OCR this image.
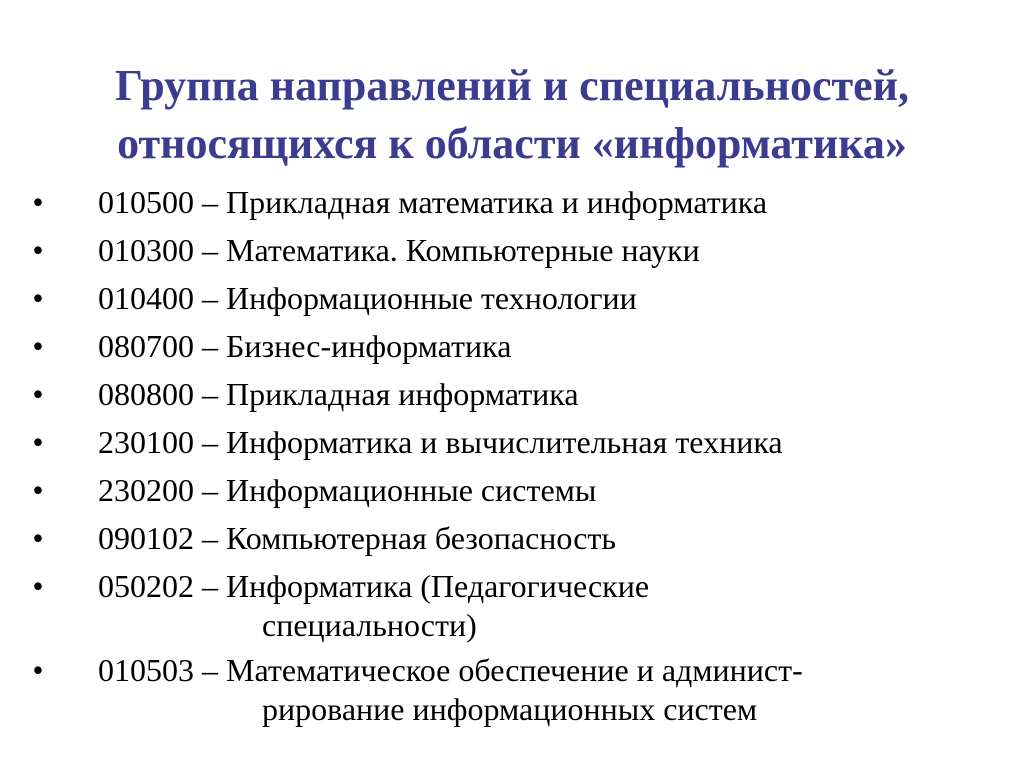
Группа направлений и специальностей,
относящихся к области «информатика»
•	010500 – Прикладная математика и информатика
•	010300 – Математика. Компьютерные науки
•	010400 – Информационные технологии
•	080700 – Бизнес-информатика
•	080800 – Прикладная информатика
•	230100 – Информатика и вычислительная техника
•	230200 – Информационные системы
•	090102 – Компьютерная безопасность
•	050202 – Информатика (Педагогические
специальности)
•	010503 – Математическое обеспечение и админист-
рирование информационных систем
